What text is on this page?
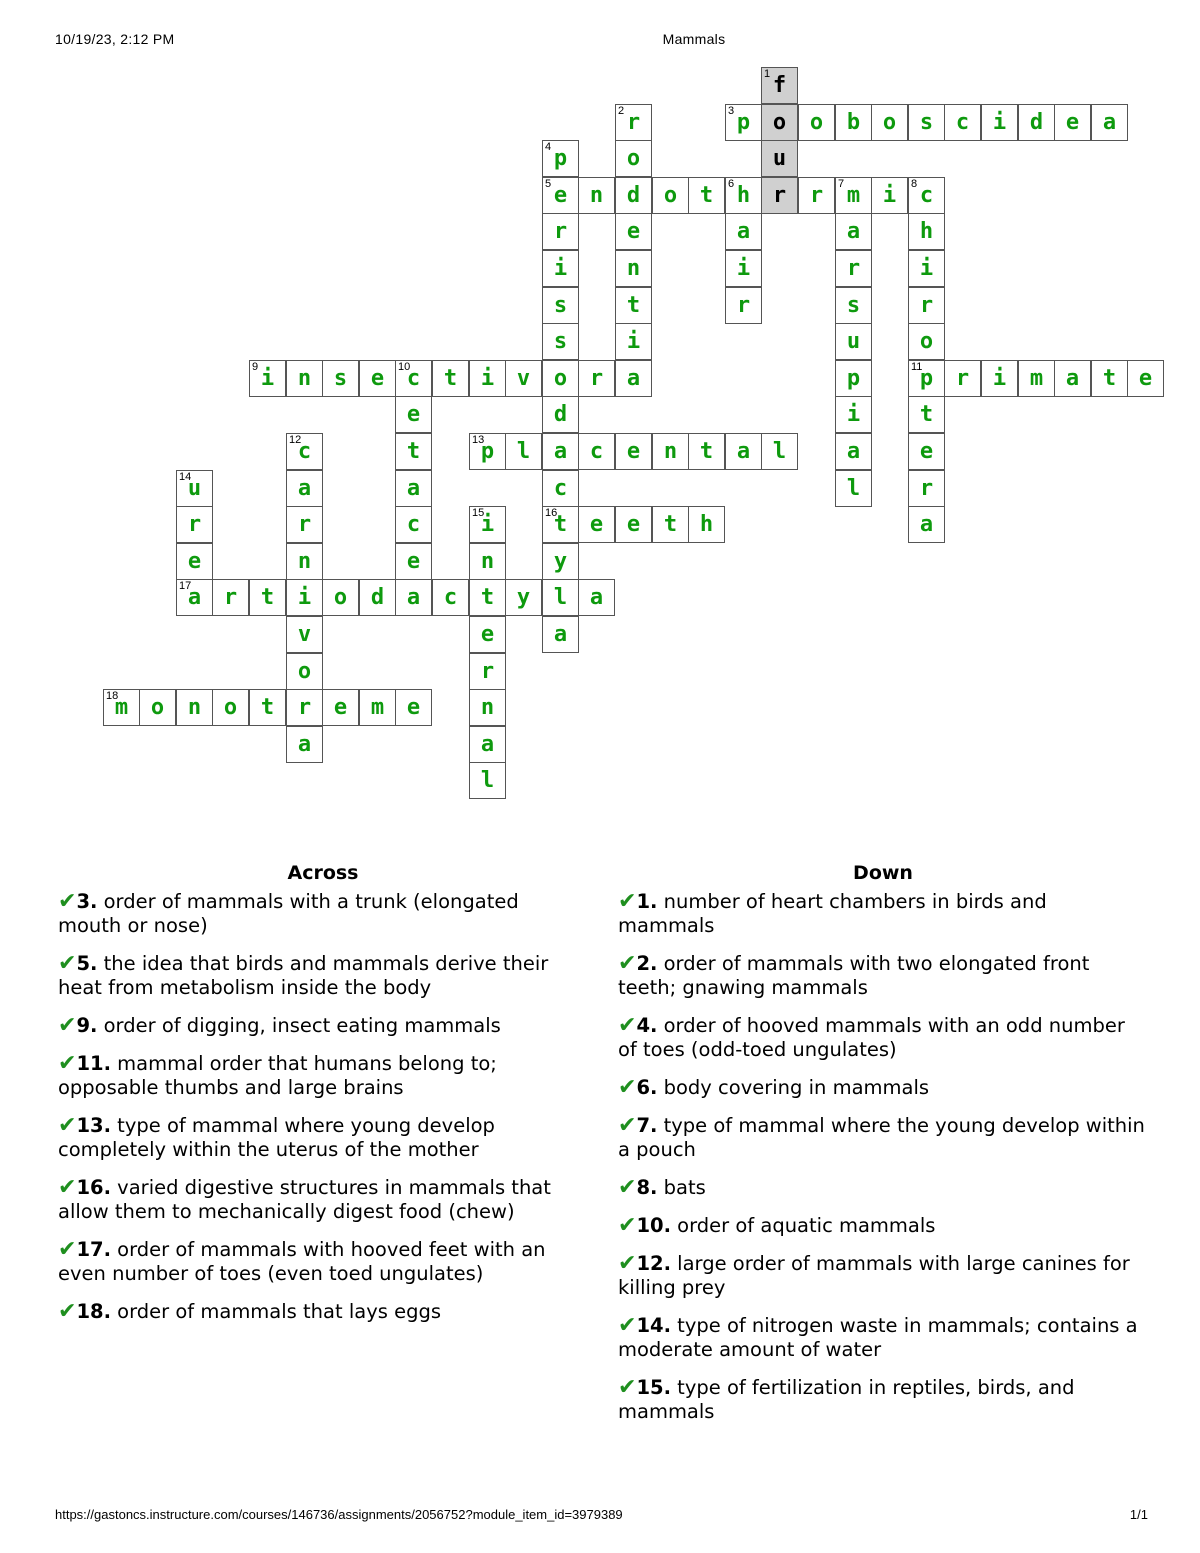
10/19/23, 2:12 PM	Mammals
1 f
o
u
r
2 r
o
d
e
n
t
i
a
3 p	o	b	o	s	c	i	d	e	a
4 p
5 e
r
i
s
s
o
d
a
c
16
t
y
l
a
n	o	t	6 h	r	7 m	i	8 c
a
i
r
a
r
s
u
p
i
a
l
h
i
r
o
11
p
t
e
r
a
9 i	n	s	e	10
c	t	i	v	r
e
t
a
c
e
a
r	i	m	a	t	e
12
c
a
r
n
i
v
o
r
a
13
p	l	c	e	n	t	a	l
14
u
r
e
15
i
n
t
e
r
n
a
l
e	e	t	h
17
a	r	t	o	d	c	y	a
18
m	o	n	o	t	e	m	e
Across
✔3. order of mammals with a trunk (elongated mouth or nose)
✔5. the idea that birds and mammals derive their heat from metabolism inside the body
✔9. order of digging, insect eating mammals
✔11. mammal order that humans belong to; opposable thumbs and large brains
✔13. type of mammal where young develop completely within the uterus of the mother
✔16. varied digestive structures in mammals that allow them to mechanically digest food (chew)
✔17. order of mammals with hooved feet with an even number of toes (even toed ungulates)
✔18. order of mammals that lays eggs
Down
✔1. number of heart chambers in birds and mammals
✔2. order of mammals with two elongated front teeth; gnawing mammals
✔4. order of hooved mammals with an odd number of toes (odd-toed ungulates)
✔6. body covering in mammals
✔7. type of mammal where the young develop within a pouch
✔8. bats
✔10. order of aquatic mammals
✔12. large order of mammals with large canines for killing prey
✔14. type of nitrogen waste in mammals; contains a moderate amount of water
✔15. type of fertilization in reptiles, birds, and mammals
https://gastoncs.instructure.com/courses/146736/assignments/2056752?module_item_id=3979389	1/1
